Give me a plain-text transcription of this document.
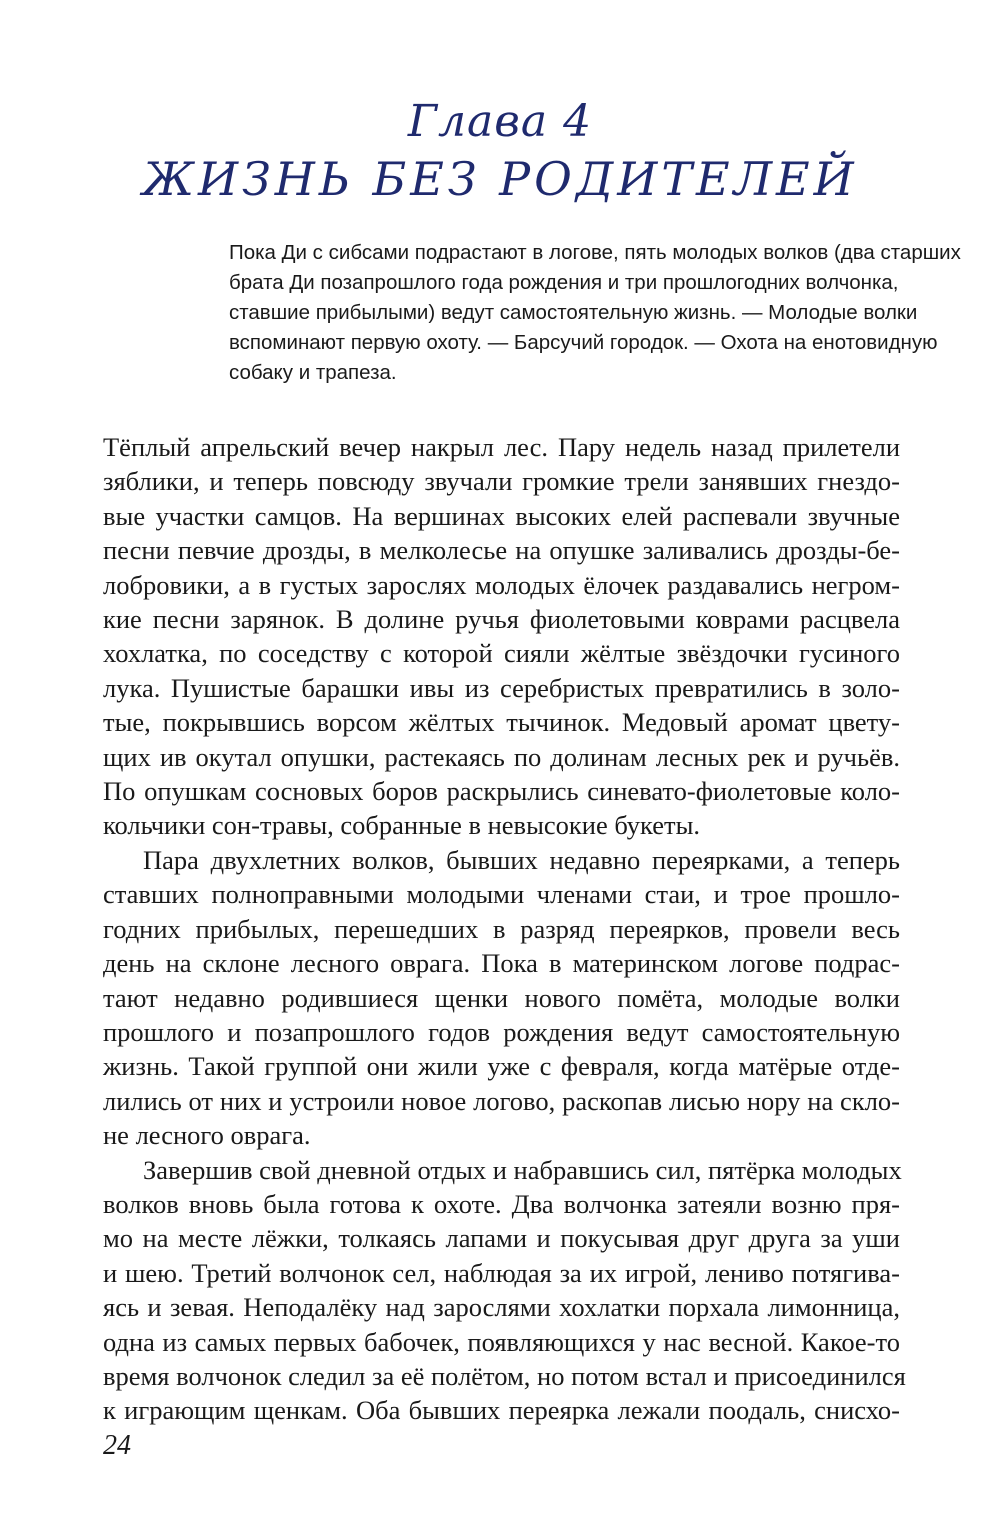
Глава 4
ЖИЗНЬ БЕЗ РОДИТЕЛЕЙ
Пока Ди с сибсами подрастают в логове, пять молодых волков (два старших
брата Ди позапрошлого года рождения и три прошлогодних волчонка,
ставшие прибылыми) ведут самостоятельную жизнь. — Молодые волки
вспоминают первую охоту. — Барсучий городок. — Охота на енотовидную
собаку и трапеза.
Тёплый апрельский вечер накрыл лес. Пару недель назад прилетели
зяблики, и теперь повсюду звучали громкие трели занявших гнездо-
вые участки самцов. На вершинах высоких елей распевали звучные
песни певчие дрозды, в мелколесье на опушке заливались дрозды-бе-
лобровики, а в густых зарослях молодых ёлочек раздавались негром-
кие песни зарянок. В долине ручья фиолетовыми коврами расцвела
хохлатка, по соседству с которой сияли жёлтые звёздочки гусиного
лука. Пушистые барашки ивы из серебристых превратились в золо-
тые, покрывшись ворсом жёлтых тычинок. Медовый аромат цвету-
щих ив окутал опушки, растекаясь по долинам лесных рек и ручьёв.
По опушкам сосновых боров раскрылись синевато-фиолетовые коло-
кольчики сон-травы, собранные в невысокие букеты.
Пара двухлетних волков, бывших недавно переярками, а теперь
ставших полноправными молодыми членами стаи, и трое прошло-
годних прибылых, перешедших в разряд переярков, провели весь
день на склоне лесного оврага. Пока в материнском логове подрас-
тают недавно родившиеся щенки нового помёта, молодые волки
прошлого и позапрошлого годов рождения ведут самостоятельную
жизнь. Такой группой они жили уже с февраля, когда матёрые отде-
лились от них и устроили новое логово, раскопав лисью нору на скло-
не лесного оврага.
Завершив свой дневной отдых и набравшись сил, пятёрка молодых
волков вновь была готова к охоте. Два волчонка затеяли возню пря-
мо на месте лёжки, толкаясь лапами и покусывая друг друга за уши
и шею. Третий волчонок сел, наблюдая за их игрой, лениво потягива-
ясь и зевая. Неподалёку над зарослями хохлатки порхала лимонница,
одна из самых первых бабочек, появляющихся у нас весной. Какое-то
время волчонок следил за её полётом, но потом встал и присоединился
к играющим щенкам. Оба бывших переярка лежали поодаль, снисхо-
24
